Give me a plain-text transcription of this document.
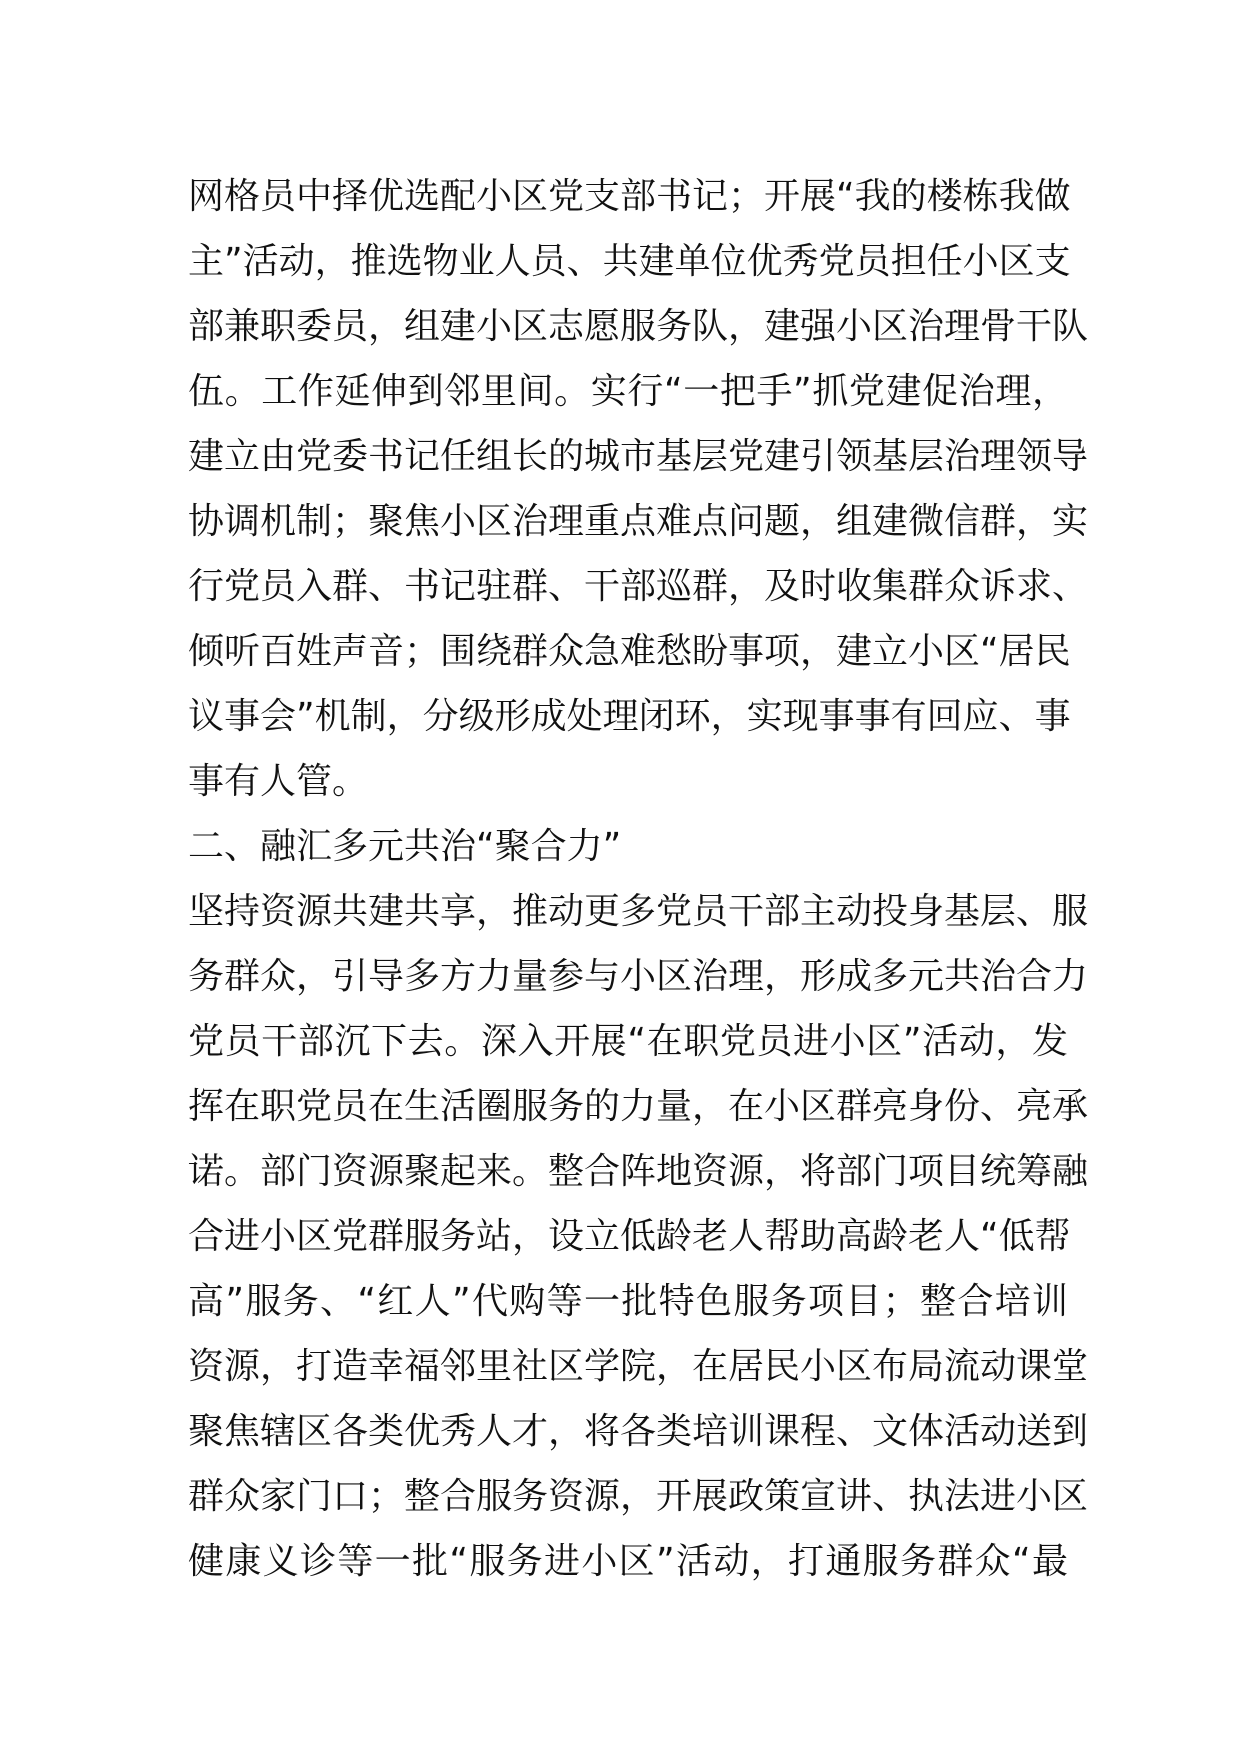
网格员中择优选配小区党支部书记；开展“我的楼栋我做
主”活动，推选物业人员、共建单位优秀党员担任小区支
部兼职委员，组建小区志愿服务队，建强小区治理骨干队
伍。工作延伸到邻里间。实行“一把手”抓党建促治理，
建立由党委书记任组长的城市基层党建引领基层治理领导
协调机制；聚焦小区治理重点难点问题，组建微信群，实
行党员入群、书记驻群、干部巡群，及时收集群众诉求、
倾听百姓声音；围绕群众急难愁盼事项，建立小区“居民
议事会”机制，分级形成处理闭环，实现事事有回应、事
事有人管。
二、融汇多元共治“聚合力”
坚持资源共建共享，推动更多党员干部主动投身基层、服
务群众，引导多方力量参与小区治理，形成多元共治合力
党员干部沉下去。深入开展“在职党员进小区”活动，发
挥在职党员在生活圈服务的力量，在小区群亮身份、亮承
诺。部门资源聚起来。整合阵地资源，将部门项目统筹融
合进小区党群服务站，设立低龄老人帮助高龄老人“低帮
高”服务、“红人”代购等一批特色服务项目；整合培训
资源，打造幸福邻里社区学院，在居民小区布局流动课堂
聚焦辖区各类优秀人才，将各类培训课程、文体活动送到
群众家门口；整合服务资源，开展政策宣讲、执法进小区
健康义诊等一批“服务进小区”活动，打通服务群众“最
